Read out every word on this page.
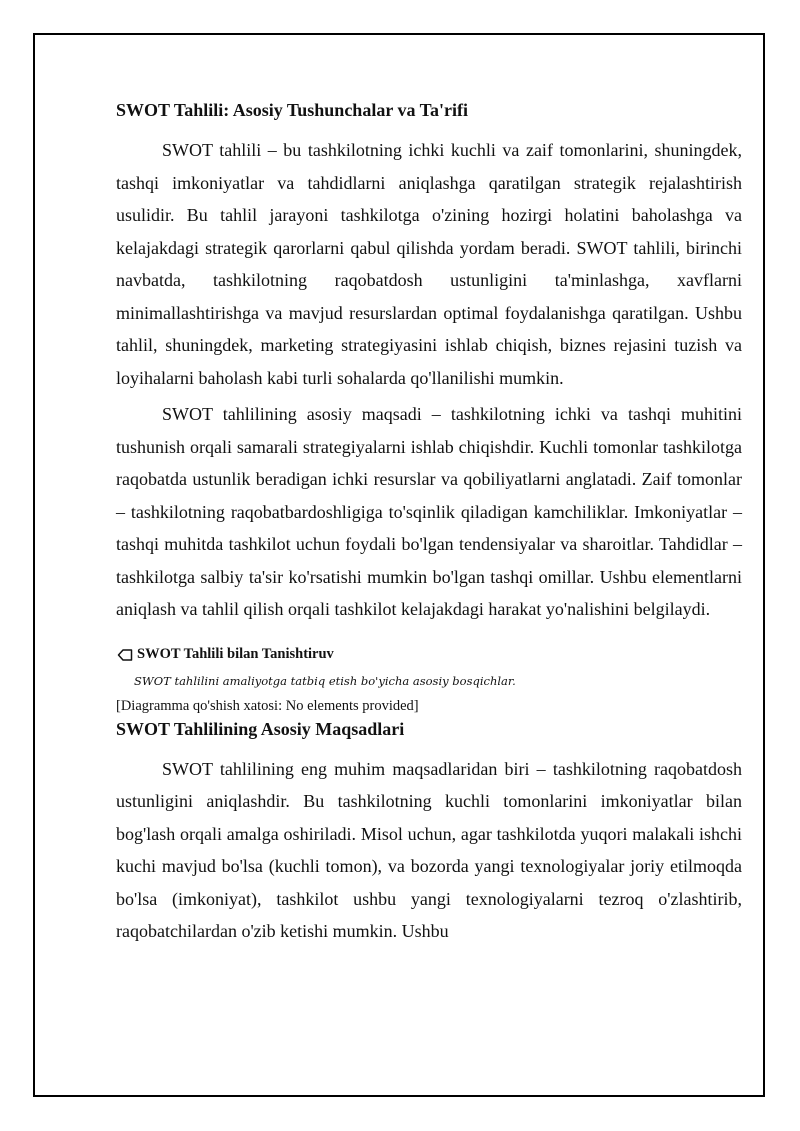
SWOT Tahlili: Asosiy Tushunchalar va Ta'rifi

SWOT tahlili – bu tashkilotning ichki kuchli va zaif tomonlarini, shuningdek, tashqi imkoniyatlar va tahdidlarni aniqlashga qaratilgan strategik rejalashtirish usulidir. Bu tahlil jarayoni tashkilotga o'zining hozirgi holatini baholashga va kelajakdagi strategik qarorlarni qabul qilishda yordam beradi. SWOT tahlili, birinchi navbatda, tashkilotning raqobatdosh ustunligini ta'minlashga, xavflarni minimallashtirishga va mavjud resurslardan optimal foydalanishga qaratilgan. Ushbu tahlil, shuningdek, marketing strategiyasini ishlab chiqish, biznes rejasini tuzish va loyihalarni baholash kabi turli sohalarda qo'llanilishi mumkin.

SWOT tahlilining asosiy maqsadi – tashkilotning ichki va tashqi muhitini tushunish orqali samarali strategiyalarni ishlab chiqishdir. Kuchli tomonlar tashkilotga raqobatda ustunlik beradigan ichki resurslar va qobiliyatlarni anglatadi. Zaif tomonlar – tashkilotning raqobatbardoshligiga to'sqinlik qiladigan kamchiliklar. Imkoniyatlar – tashqi muhitda tashkilot uchun foydali bo'lgan tendensiyalar va sharoitlar. Tahdidlar – tashkilotga salbiy ta'sir ko'rsatishi mumkin bo'lgan tashqi omillar. Ushbu elementlarni aniqlash va tahlil qilish orqali tashkilot kelajakdagi harakat yo'nalishini belgilaydi.

SWOT Tahlili bilan Tanishtiruv
SWOT tahlilini amaliyotga tatbiq etish bo'yicha asosiy bosqichlar.
[Diagramma qo'shish xatosi: No elements provided]
SWOT Tahlilining Asosiy Maqsadlari

SWOT tahlilining eng muhim maqsadlaridan biri – tashkilotning raqobatdosh ustunligini aniqlashdir. Bu tashkilotning kuchli tomonlarini imkoniyatlar bilan bog'lash orqali amalga oshiriladi. Misol uchun, agar tashkilotda yuqori malakali ishchi kuchi mavjud bo'lsa (kuchli tomon), va bozorda yangi texnologiyalar joriy etilmoqda bo'lsa (imkoniyat), tashkilot ushbu yangi texnologiyalarni tezroq o'zlashtirib, raqobatchilardan o'zib ketishi mumkin. Ushbu
